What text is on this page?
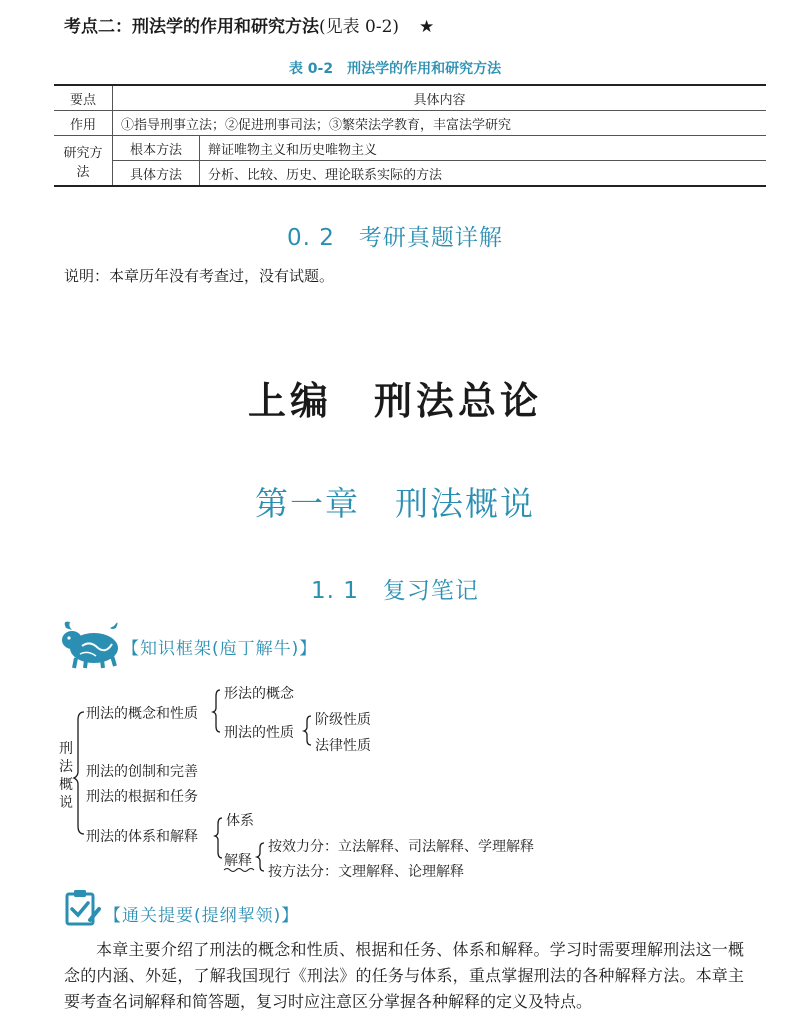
考点二：刑法学的作用和研究方法(见表 0-2) ★
表 0-2　刑法学的作用和研究方法
要点	具体内容	
作用	①指导刑事立法；②促进刑事司法；③繁荣法学教育，丰富法学研究	
研究方法	根本方法	辩证唯物主义和历史唯物主义
	具体方法	分析、比较、历史、理论联系实际的方法
0. 2　考研真题详解
说明：本章历年没有考查过，没有试题。
上编　刑法总论
第一章　刑法概说
1. 1　复习笔记
【知识框架(庖丁解牛)】
刑
法
概
说
刑法的概念和性质
形法的概念
刑法的性质
阶级性质
法律性质
刑法的创制和完善
刑法的根据和任务
刑法的体系和解释
体系
解释
按效力分：立法解释、司法解释、学理解释
按方法分：文理解释、论理解释
【通关提要(提纲挈领)】
本章主要介绍了刑法的概念和性质、根据和任务、体系和解释。学习时需要理解刑法这一概念的内涵、外延，了解我国现行《刑法》的任务与体系，重点掌握刑法的各种解释方法。本章主要考查名词解释和简答题，复习时应注意区分掌握各种解释的定义及特点。
